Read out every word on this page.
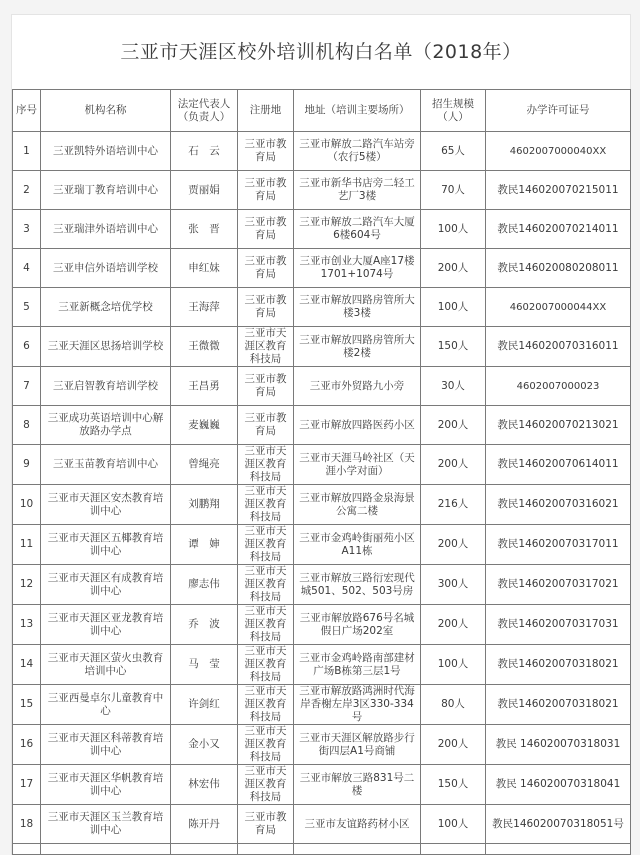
三亚市天涯区校外培训机构白名单（2018年）
序号	机构名称	法定代表人（负责人）	注册地	地址（培训主要场所）	招生规模（人）	办学许可证号
1	三亚凯特外语培训中心	石　云	三亚市教育局	三亚市解放二路汽车站旁（农行5楼）	65人	4602007000040XX
2	三亚瑞丁教育培训中心	贾丽娟	三亚市教育局	三亚市新华书店旁二轻工艺厂3楼	70人	教民146020070215011
3	三亚瑞津外语培训中心	张　晋	三亚市教育局	三亚市解放二路汽车大厦6楼604号	100人	教民146020070214011
4	三亚申信外语培训学校	申红妹	三亚市教育局	三亚市创业大厦A座17楼1701+1074号	200人	教民146020080208011
5	三亚新概念培优学校	王海萍	三亚市教育局	三亚市解放四路房管所大楼3楼	100人	4602007000044XX
6	三亚天涯区思扬培训学校	王微微	三亚市天涯区教育科技局	三亚市解放四路房管所大楼2楼	150人	教民146020070316011
7	三亚启智教育培训学校	王昌勇	三亚市教育局	三亚市外贸路九小旁	30人	4602007000023
8	三亚成功英语培训中心解放路办学点	麦巍巍	三亚市教育局	三亚市解放四路医药小区	200人	教民146020070213021
9	三亚玉苗教育培训中心	曾绳亮	三亚市天涯区教育科技局	三亚市天涯马岭社区（天涯小学对面）	200人	教民146020070614011
10	三亚市天涯区安杰教育培训中心	刘鹏翔	三亚市天涯区教育科技局	三亚市解放四路金泉海景公寓二楼	216人	教民146020070316021
11	三亚市天涯区五椰教育培训中心	谭　婶	三亚市天涯区教育科技局	三亚市金鸡岭街丽苑小区A11栋	200人	教民146020070317011
12	三亚市天涯区有成教育培训中心	廖志伟	三亚市天涯区教育科技局	三亚市解放三路衍宏现代城501、502、503号房	300人	教民146020070317021
13	三亚市天涯区亚龙教育培训中心	乔　波	三亚市天涯区教育科技局	三亚市解放路676号名城假日广场202室	200人	教民146020070317031
14	三亚市天涯区萤火虫教育培训中心	马　莹	三亚市天涯区教育科技局	三亚市金鸡岭路南部建材广场B栋第三层1号	100人	教民146020070318021
15	三亚西曼卓尔儿童教育中心	许剑红	三亚市天涯区教育科技局	三亚市解放路鸿洲时代海岸香榭左岸3区330-334号	80人	教民146020070318021
16	三亚市天涯区科蒂教育培训中心	金小又	三亚市天涯区教育科技局	三亚市天涯区解放路步行街四层A1号商铺	200人	教民 146020070318031
17	三亚市天涯区华帆教育培训中心	林宏伟	三亚市天涯区教育科技局	三亚市解放三路831号二楼	150人	教民 146020070318041
18	三亚市天涯区玉兰教育培训中心	陈开丹	三亚市教育局	三亚市友谊路药材小区	100人	教民146020070318051号
